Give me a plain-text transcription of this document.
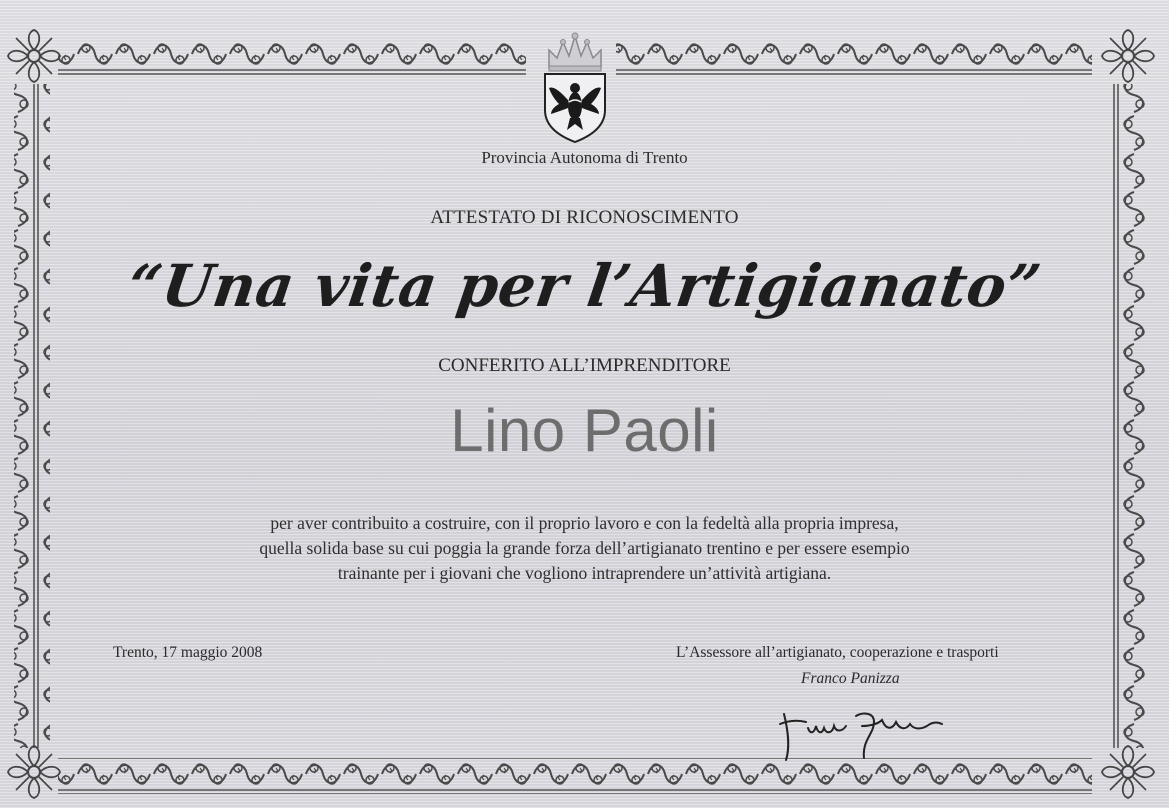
Provincia Autonoma di Trento
ATTESTATO DI RICONOSCIMENTO
“Una vita per l’Artigianato”
CONFERITO ALL’IMPRENDITORE
Lino Paoli
per aver contribuito a costruire, con il proprio lavoro e con la fedeltà alla propria impresa,
quella solida base su cui poggia la grande forza dell’artigianato trentino e per essere esempio
trainante per i giovani che vogliono intraprendere un’attività artigiana.
Trento, 17 maggio 2008	L’Assessore all’artigianato, cooperazione e trasporti
Franco Panizza
